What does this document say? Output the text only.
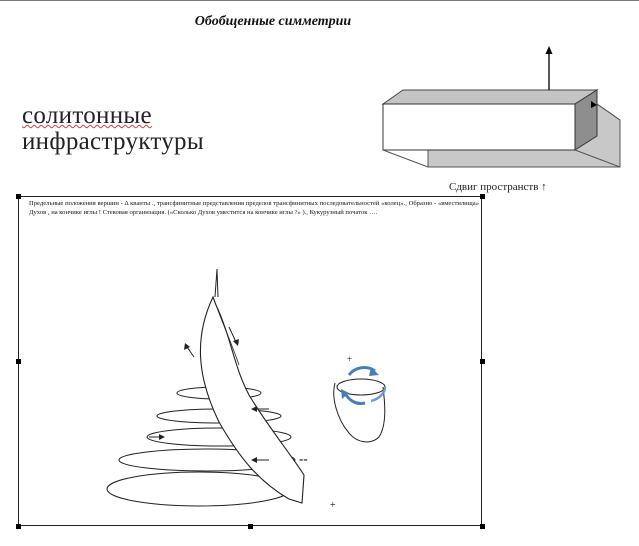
Обобщенные симметрии
солитонные
инфраструктуры
Сдвиг пространств ↑
Предельные положения вершин - Δ кванты ., трансфинитные представления пределов трансфинитных последовательностей «колец»., Образно - «вместилища» Духов , на кончике иглы ! Стековая организация. («Сколько Духов уместится на кончике иглы ?» )., Кукурузный початок ….
--
+
+
